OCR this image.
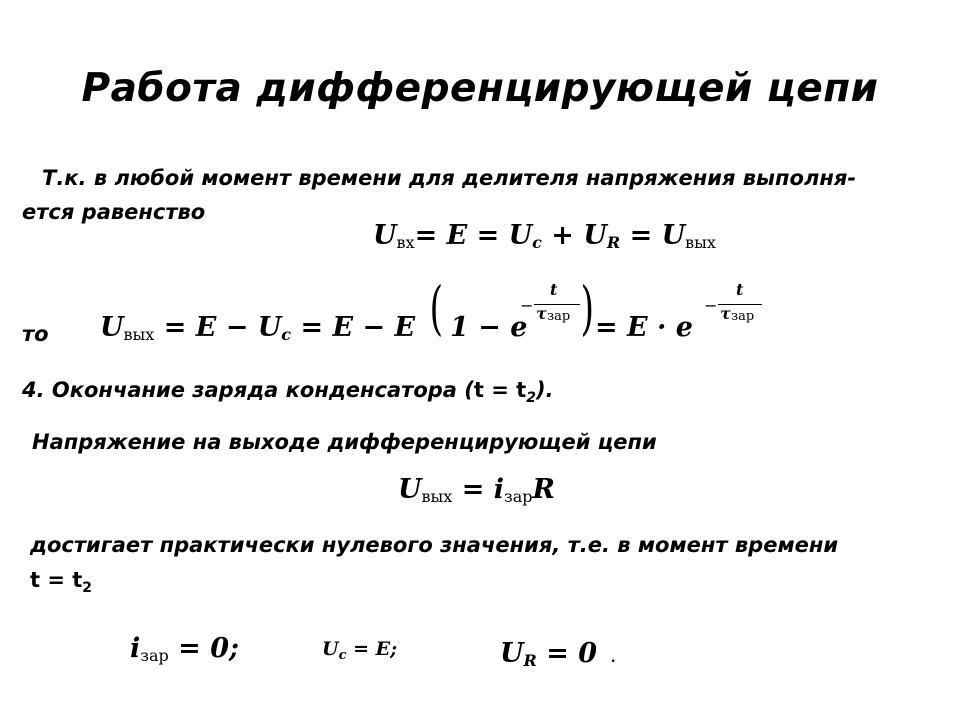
Работа дифференцирующей цепи
Т.к. в любой момент времени для делителя напряжения выполня-
ется равенство
Uвх= E = Uc + UR = Uвых
то Uвых = E − Uc = E − E ( 1 − e
−
t
τ зар ) = E · e
−
t
τ зар
4. Окончание заряда конденсатора $(t = t_2)$.
Напряжение на выходе дифференцирующей цепи
Uвых = iзарR
достигает практически нулевого значения, т.е. в момент времени
$t = t_2$
iзар = 0;	$U_c = E$;	UR = 0 .
